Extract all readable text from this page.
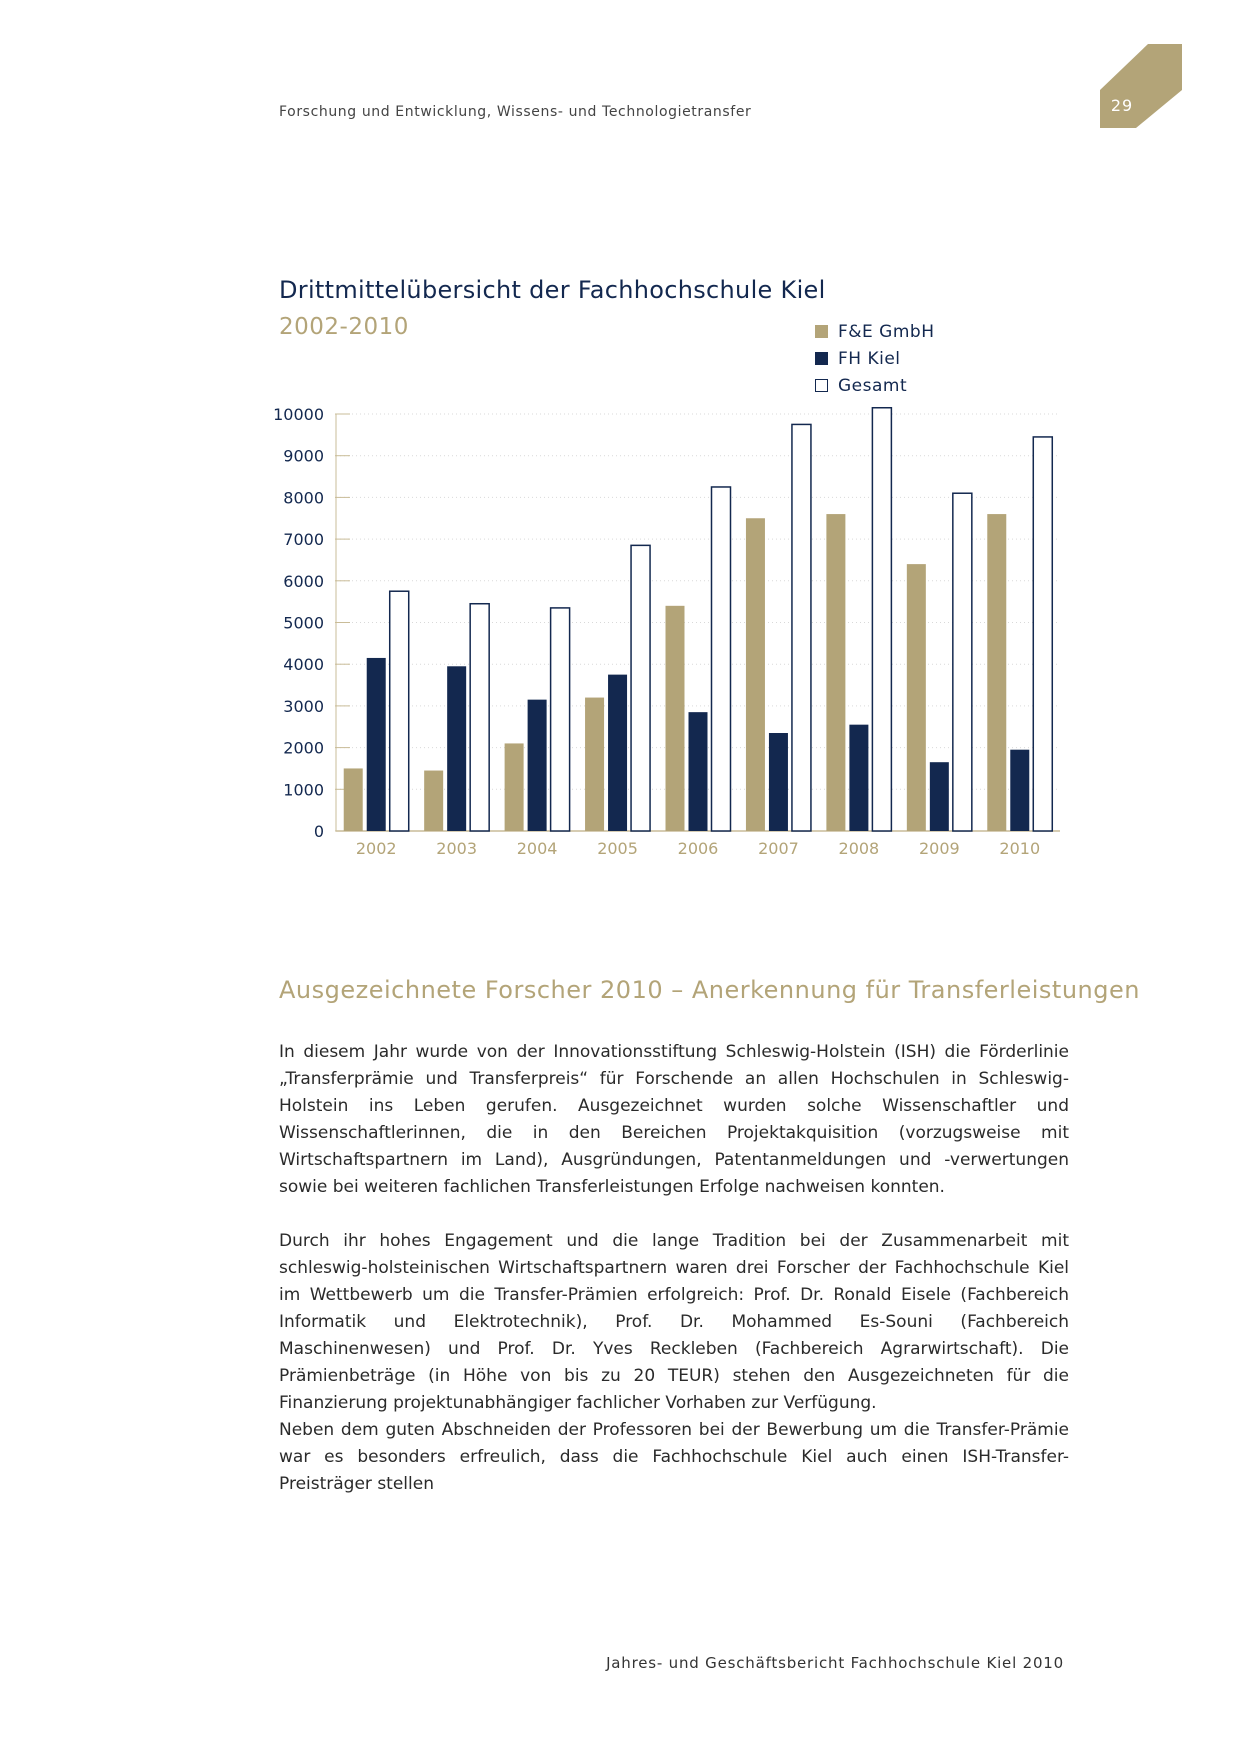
Forschung und Entwicklung, Wissens- und Technologietransfer	29
Drittmittelübersicht der Fachhochschule Kiel
2002-2010	F&E GmbH
FH Kiel
Gesamt
0
1000
2000
3000
4000
5000
6000
7000
8000
9000
10000
2002 2003 2004 2005 2006 2007 2008 2009 2010
Ausgezeichnete Forscher 2010 – Anerkennung für Transferleistungen

In diesem Jahr wurde von der Innovationsstiftung Schleswig-Holstein (ISH) die Förderlinie „Transferprämie und Transferpreis“ für Forschende an allen Hochschulen in Schleswig-Holstein ins Leben gerufen. Ausgezeichnet wurden solche Wissenschaftler und Wissenschaftlerinnen, die in den Bereichen Projektakquisition (vorzugsweise mit Wirtschaftspartnern im Land), Ausgründungen, Patentanmeldungen und -verwertungen sowie bei weiteren fachlichen Transferleistungen Erfolge nachweisen konnten.

Durch ihr hohes Engagement und die lange Tradition bei der Zusammenarbeit mit schleswig-holsteinischen Wirtschaftspartnern waren drei Forscher der Fachhochschule Kiel im Wettbewerb um die Transfer-Prämien erfolgreich: Prof. Dr. Ronald Eisele (Fachbereich Informatik und Elektrotechnik), Prof. Dr. Mohammed Es-Souni (Fachbereich Maschinenwesen) und Prof. Dr. Yves Reckleben (Fachbereich Agrarwirtschaft). Die Prämienbeträge (in Höhe von bis zu 20 TEUR) stehen den Ausgezeichneten für die Finanzierung projektunabhängiger fachlicher Vorhaben zur Verfügung.

Neben dem guten Abschneiden der Professoren bei der Bewerbung um die Transfer-Prämie war es besonders erfreulich, dass die Fachhochschule Kiel auch einen ISH-Transfer-Preisträger stellen

Jahres- und Geschäftsbericht Fachhochschule Kiel 2010
